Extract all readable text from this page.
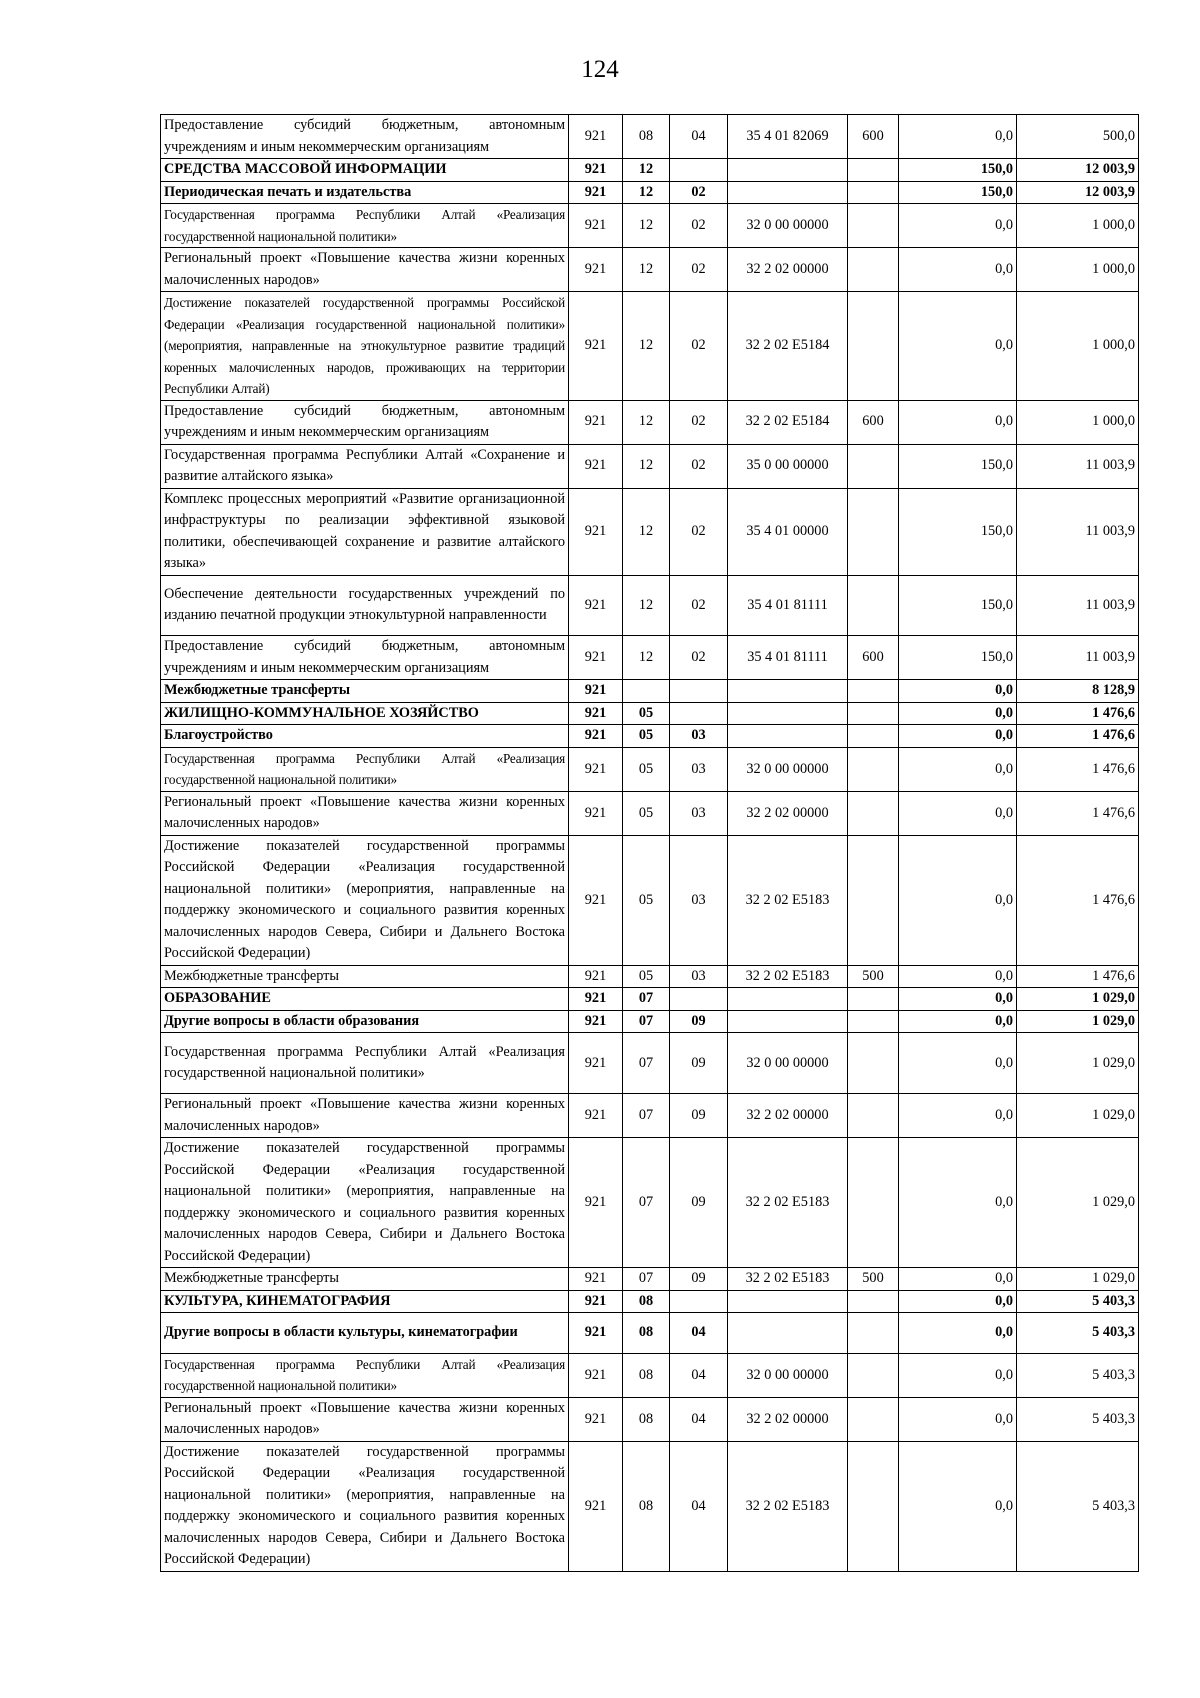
124
Предоставление субсидий бюджетным, автономным учреждениям и иным некоммерческим организациям	921	08	04	35 4 01 82069	600	0,0	500,0
СРЕДСТВА МАССОВОЙ ИНФОРМАЦИИ	921	12				150,0	12 003,9
Периодическая печать и издательства	921	12	02			150,0	12 003,9
Государственная программа Республики Алтай «Реализация государственной национальной политики»	921	12	02	32 0 00 00000		0,0	1 000,0
Региональный проект «Повышение качества жизни коренных малочисленных народов»	921	12	02	32 2 02 00000		0,0	1 000,0
Достижение показателей государственной программы Российской Федерации «Реализация государственной национальной политики» (мероприятия, направленные на этнокультурное развитие традиций коренных малочисленных народов, проживающих на территории Республики Алтай)	921	12	02	32 2 02 E5184		0,0	1 000,0
Предоставление субсидий бюджетным, автономным учреждениям и иным некоммерческим организациям	921	12	02	32 2 02 E5184	600	0,0	1 000,0
Государственная программа Республики Алтай «Сохранение и развитие алтайского языка»	921	12	02	35 0 00 00000		150,0	11 003,9
Комплекс процессных мероприятий «Развитие организационной инфраструктуры по реализации эффективной языковой политики, обеспечивающей сохранение и развитие алтайского языка»	921	12	02	35 4 01 00000		150,0	11 003,9
Обеспечение деятельности государственных учреждений по изданию печатной продукции этнокультурной направленности	921	12	02	35 4 01 81111		150,0	11 003,9
Предоставление субсидий бюджетным, автономным учреждениям и иным некоммерческим организациям	921	12	02	35 4 01 81111	600	150,0	11 003,9
Межбюджетные трансферты	921					0,0	8 128,9
ЖИЛИЩНО-КОММУНАЛЬНОЕ ХОЗЯЙСТВО	921	05				0,0	1 476,6
Благоустройство	921	05	03			0,0	1 476,6
Государственная программа Республики Алтай «Реализация государственной национальной политики»	921	05	03	32 0 00 00000		0,0	1 476,6
Региональный проект «Повышение качества жизни коренных малочисленных народов»	921	05	03	32 2 02 00000		0,0	1 476,6
Достижение показателей государственной программы Российской Федерации «Реализация государственной национальной политики» (мероприятия, направленные на поддержку экономического и социального развития коренных малочисленных народов Севера, Сибири и Дальнего Востока Российской Федерации)	921	05	03	32 2 02 E5183		0,0	1 476,6
Межбюджетные трансферты	921	05	03	32 2 02 E5183	500	0,0	1 476,6
ОБРАЗОВАНИЕ	921	07				0,0	1 029,0
Другие вопросы в области образования	921	07	09			0,0	1 029,0
Государственная программа Республики Алтай «Реализация государственной национальной политики»	921	07	09	32 0 00 00000		0,0	1 029,0
Региональный проект «Повышение качества жизни коренных малочисленных народов»	921	07	09	32 2 02 00000		0,0	1 029,0
Достижение показателей государственной программы Российской Федерации «Реализация государственной национальной политики» (мероприятия, направленные на поддержку экономического и социального развития коренных малочисленных народов Севера, Сибири и Дальнего Востока Российской Федерации)	921	07	09	32 2 02 E5183		0,0	1 029,0
Межбюджетные трансферты	921	07	09	32 2 02 E5183	500	0,0	1 029,0
КУЛЬТУРА, КИНЕМАТОГРАФИЯ	921	08				0,0	5 403,3
Другие вопросы в области культуры, кинематографии	921	08	04			0,0	5 403,3
Государственная программа Республики Алтай «Реализация государственной национальной политики»	921	08	04	32 0 00 00000		0,0	5 403,3
Региональный проект «Повышение качества жизни коренных малочисленных народов»	921	08	04	32 2 02 00000		0,0	5 403,3
Достижение показателей государственной программы Российской Федерации «Реализация государственной национальной политики» (мероприятия, направленные на поддержку экономического и социального развития коренных малочисленных народов Севера, Сибири и Дальнего Востока Российской Федерации)	921	08	04	32 2 02 E5183		0,0	5 403,3
